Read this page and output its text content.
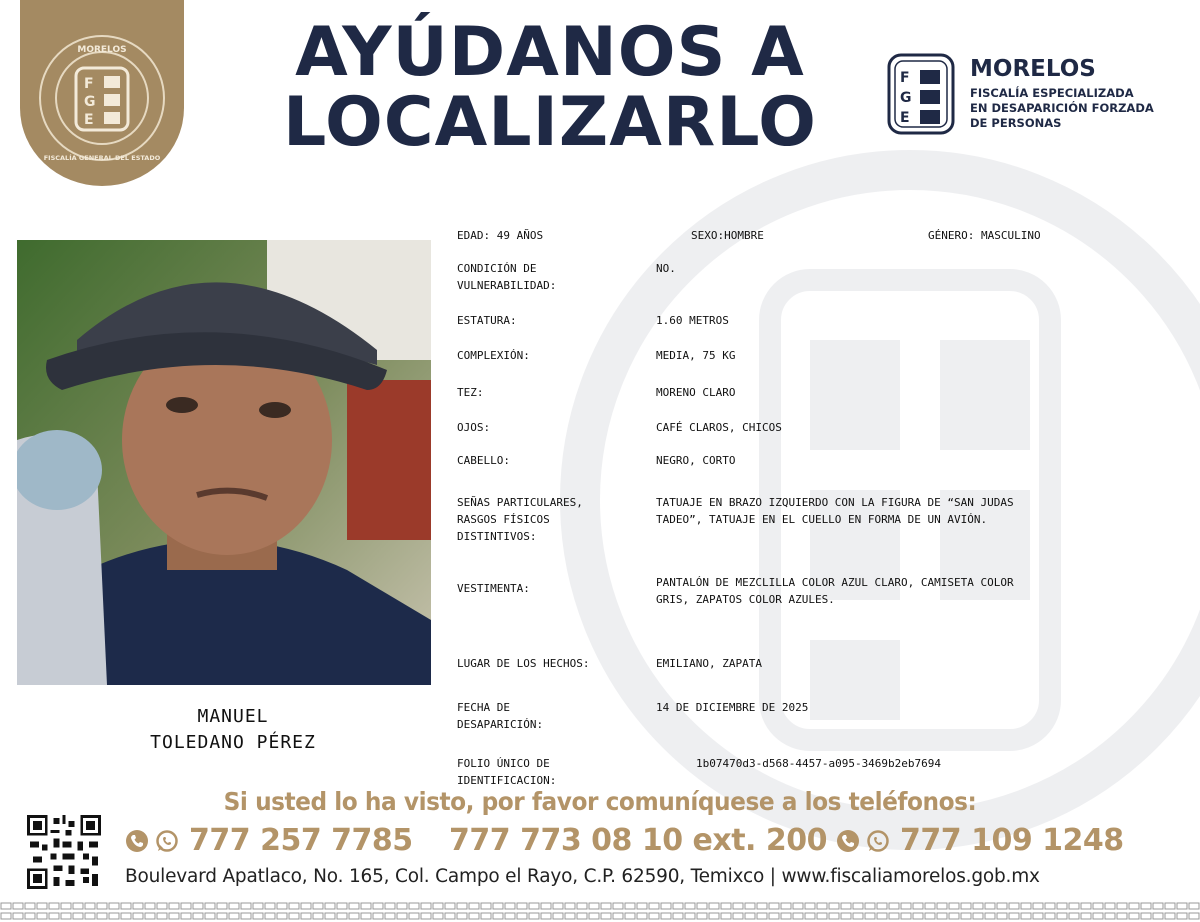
F
G
E
MORELOS
FISCALÍA GENERAL DEL ESTADO
AYÚDANOS A
LOCALIZARLO
F
G
E
MORELOS
FISCALÍA ESPECIALIZADA
EN DESAPARICIÓN FORZADA
DE PERSONAS
MANUEL
TOLEDANO PÉREZ
EDAD: 49 AÑOS	SEXO:HOMBRE	GÉNERO: MASCULINO
CONDICIÓN DE
VULNERABILIDAD:
NO.
ESTATURA:	1.60 METROS
COMPLEXIÓN:	MEDIA, 75 KG
TEZ:	MORENO CLARO
OJOS:	CAFÉ CLAROS, CHICOS
CABELLO:	NEGRO, CORTO
SEÑAS PARTICULARES,
RASGOS FÍSICOS
DISTINTIVOS:
TATUAJE EN BRAZO IZQUIERDO CON LA FIGURA DE “SAN JUDAS
TADEO”, TATUAJE EN EL CUELLO EN FORMA DE UN AVIÓN.
VESTIMENTA:	PANTALÓN DE MEZCLILLA COLOR AZUL CLARO, CAMISETA COLOR
GRIS, ZAPATOS COLOR AZULES.
LUGAR DE LOS HECHOS:	EMILIANO, ZAPATA
FECHA DE
DESAPARICIÓN:
14 DE DICIEMBRE DE 2025
FOLIO ÚNICO DE
IDENTIFICACION:
1b07470d3-d568-4457-a095-3469b2eb7694
Si usted lo ha visto, por favor comuníquese a los teléfonos:
777 257 7785 777 773 08 10 ext. 200 777 109 1248
Boulevard Apatlaco, No. 165, Col. Campo el Rayo, C.P. 62590, Temixco | www.fiscaliamorelos.gob.mx
